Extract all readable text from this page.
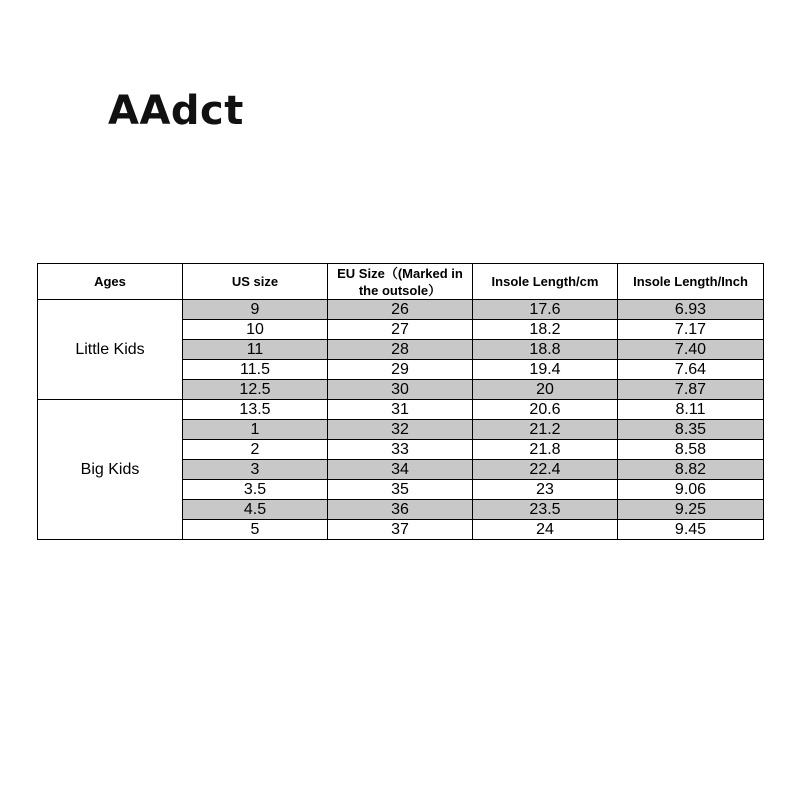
AAdct
Ages	US size	EU Size（(Marked in the outsole）	Insole Length/cm	Insole Length/Inch
Little Kids	9	26	17.6	6.93
	10	27	18.2	7.17
	11	28	18.8	7.40
	11.5	29	19.4	7.64
	12.5	30	20	7.87
Big Kids	13.5	31	20.6	8.11
	1	32	21.2	8.35
	2	33	21.8	8.58
	3	34	22.4	8.82
	3.5	35	23	9.06
	4.5	36	23.5	9.25
	5	37	24	9.45
